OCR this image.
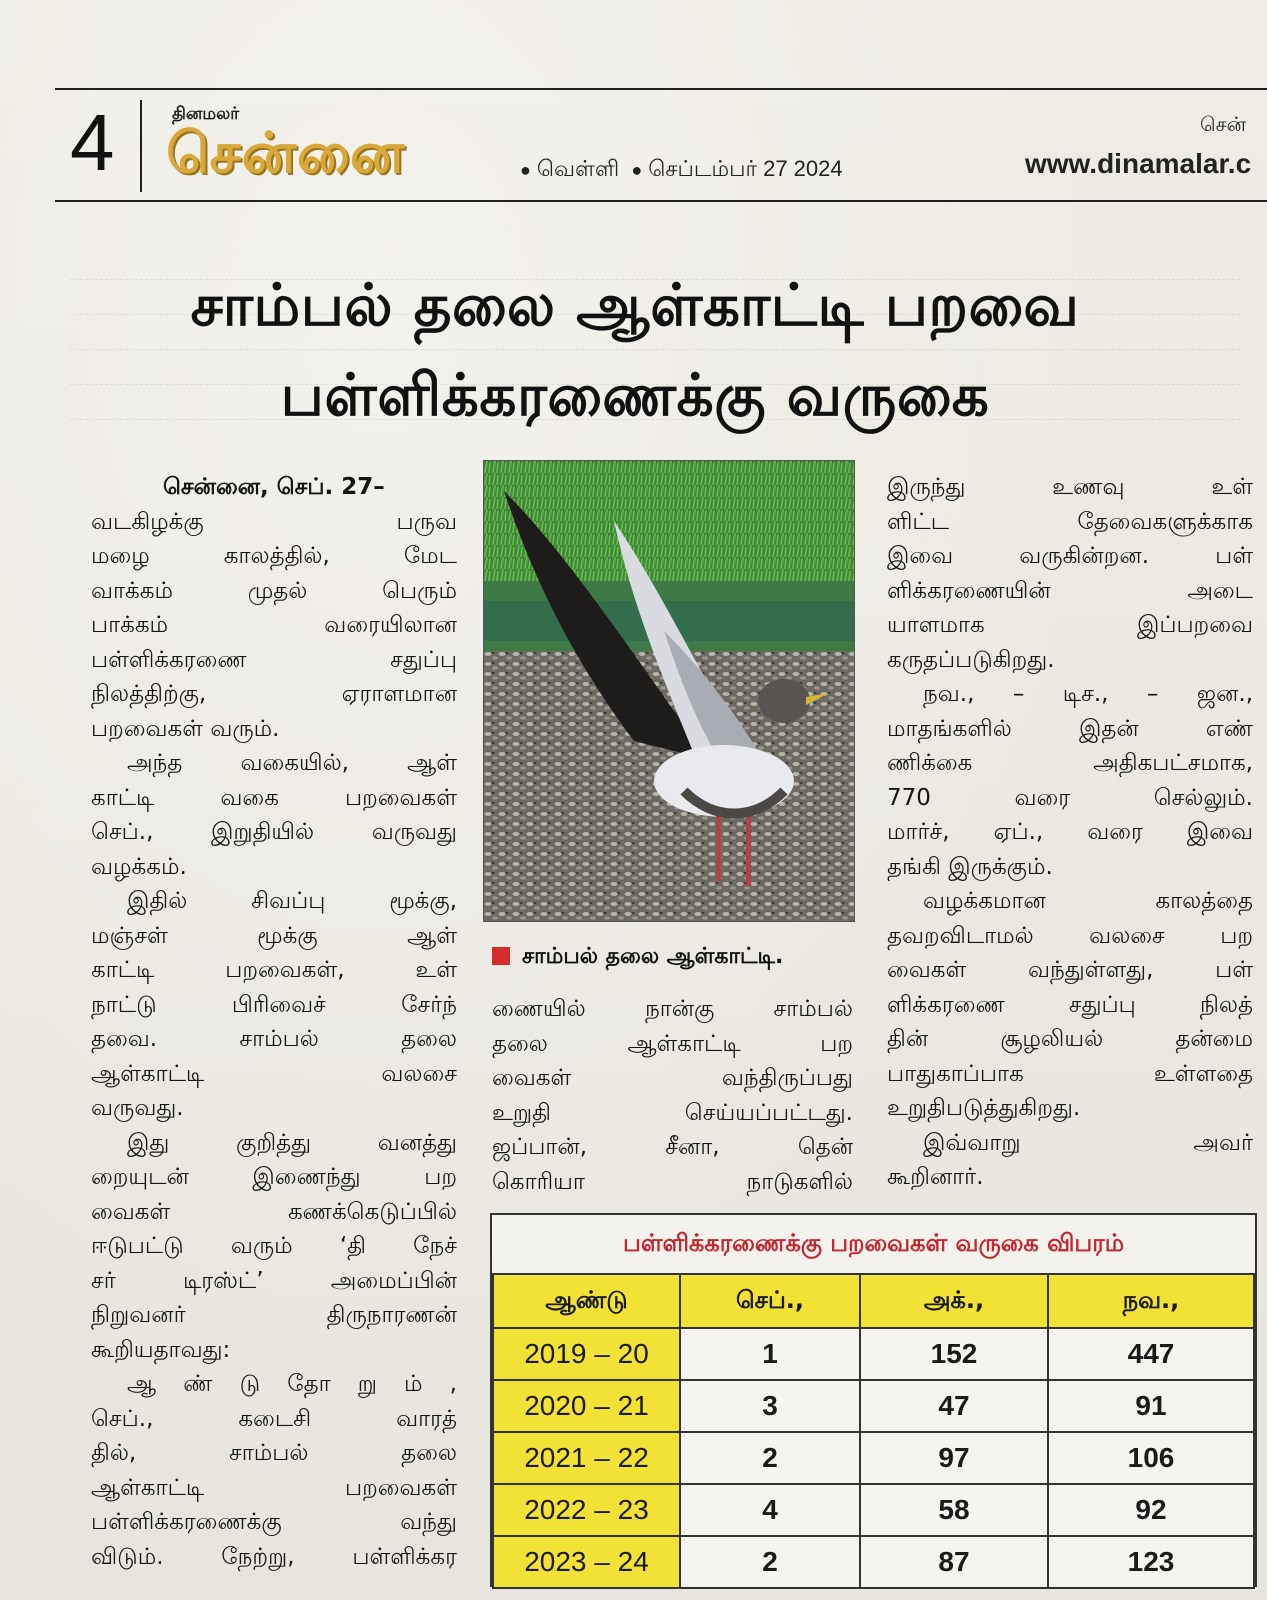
4	தினமலர்
சென்னை	● வெள்ளி ● செப்டம்பர் 27 2024	www.dinamalar.c
சென்
சாம்பல் தலை ஆள்காட்டி பறவை
பள்ளிக்கரணைக்கு வருகை

சென்னை, செப். 27–

வடகிழக்கு பருவ

மழை காலத்தில், மேட

வாக்கம் முதல் பெரும்

பாக்கம் வரையிலான

பள்ளிக்கரணை சதுப்பு

நிலத்திற்கு, ஏராளமான

பறவைகள் வரும்.

அந்த வகையில், ஆள்

காட்டி வகை பறவைகள்

செப்., இறுதியில் வருவது

வழக்கம்.

இதில் சிவப்பு மூக்கு,

மஞ்சள் மூக்கு ஆள்

காட்டி பறவைகள், உள்

நாட்டு பிரிவைச் சேர்ந்

தவை. சாம்பல் தலை

ஆள்காட்டி வலசை

வருவது.

இது குறித்து வனத்து

றையுடன் இணைந்து பற

வைகள் கணக்கெடுப்பில்

ஈடுபட்டு வரும் ‘தி நேச்

சர் டிரஸ்ட்’ அமைப்பின்

நிறுவனர் திருநாரணன்

கூறியதாவது:

ஆ ண் டு தோ று ம் ,

செப்., கடைசி வாரத்

தில், சாம்பல் தலை

ஆள்காட்டி பறவைகள்

பள்ளிக்கரணைக்கு வந்து

விடும். நேற்று, பள்ளிக்கர

சாம்பல் தலை ஆள்காட்டி.

ணையில் நான்கு சாம்பல்

தலை ஆள்காட்டி பற

வைகள் வந்திருப்பது

உறுதி செய்யப்பட்டது.

ஜப்பான், சீனா, தென்

கொரியா நாடுகளில்

இருந்து உணவு உள்

ளிட்ட தேவைகளுக்காக

இவை வருகின்றன. பள்

ளிக்கரணையின் அடை

யாளமாக இப்பறவை

கருதப்படுகிறது.

நவ., – டிச., – ஜன.,

மாதங்களில் இதன் எண்

ணிக்கை அதிகபட்சமாக,

770 வரை செல்லும்.

மார்ச், ஏப்., வரை இவை

தங்கி இருக்கும்.

வழக்கமான காலத்தை

தவறவிடாமல் வலசை பற

வைகள் வந்துள்ளது, பள்

ளிக்கரணை சதுப்பு நிலத்

தின் சூழலியல் தன்மை

பாதுகாப்பாக உள்ளதை

உறுதிபடுத்துகிறது.

இவ்வாறு அவர்

கூறினார்.

பள்ளிக்கரணைக்கு பறவைகள் வருகை விபரம்
ஆண்டு	செப்.,	அக்.,	நவ.,
2019 – 20	1	152	447
2020 – 21	3	47	91
2021 – 22	2	97	106
2022 – 23	4	58	92
2023 – 24	2	87	123
